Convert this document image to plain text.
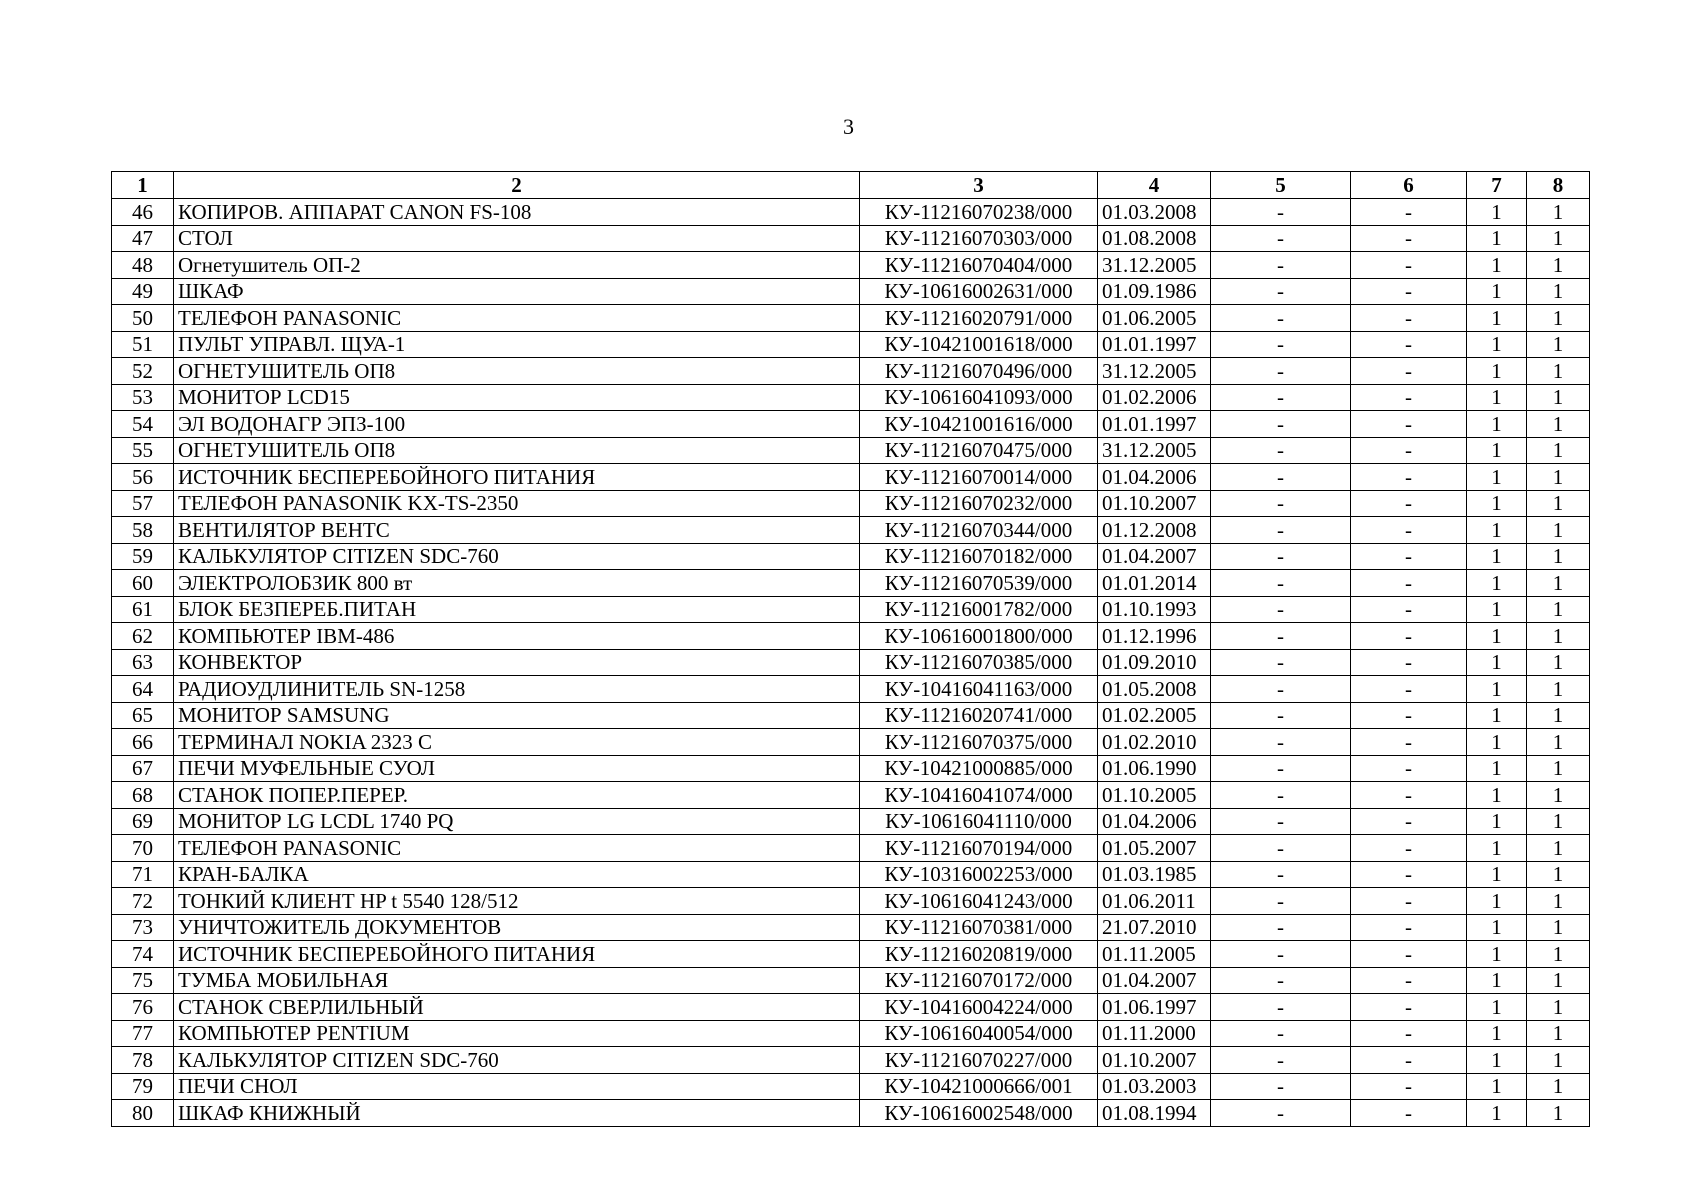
3
1	2	3	4	5	6	7	8
46	КОПИРОВ. АППАРАТ CANON FS-108	КУ-11216070238/000	01.03.2008	-	-	1	1
47	СТОЛ	КУ-11216070303/000	01.08.2008	-	-	1	1
48	Огнетушитель ОП-2	КУ-11216070404/000	31.12.2005	-	-	1	1
49	ШКАФ	КУ-10616002631/000	01.09.1986	-	-	1	1
50	ТЕЛЕФОН PANASONIC	КУ-11216020791/000	01.06.2005	-	-	1	1
51	ПУЛЬТ УПРАВЛ. ЩУА-1	КУ-10421001618/000	01.01.1997	-	-	1	1
52	ОГНЕТУШИТЕЛЬ ОП8	КУ-11216070496/000	31.12.2005	-	-	1	1
53	МОНИТОР LCD15	КУ-10616041093/000	01.02.2006	-	-	1	1
54	ЭЛ ВОДОНАГР ЭПЗ-100	КУ-10421001616/000	01.01.1997	-	-	1	1
55	ОГНЕТУШИТЕЛЬ ОП8	КУ-11216070475/000	31.12.2005	-	-	1	1
56	ИСТОЧНИК БЕСПЕРЕБОЙНОГО ПИТАНИЯ	КУ-11216070014/000	01.04.2006	-	-	1	1
57	ТЕЛЕФОН PANASONIK KX-TS-2350	КУ-11216070232/000	01.10.2007	-	-	1	1
58	ВЕНТИЛЯТОР ВЕНТС	КУ-11216070344/000	01.12.2008	-	-	1	1
59	КАЛЬКУЛЯТОР CITIZEN SDC-760	КУ-11216070182/000	01.04.2007	-	-	1	1
60	ЭЛЕКТРОЛОБЗИК 800 вт	КУ-11216070539/000	01.01.2014	-	-	1	1
61	БЛОК БЕЗПЕРЕБ.ПИТАН	КУ-11216001782/000	01.10.1993	-	-	1	1
62	КОМПЬЮТЕР IBM-486	КУ-10616001800/000	01.12.1996	-	-	1	1
63	КОНВЕКТОР	КУ-11216070385/000	01.09.2010	-	-	1	1
64	РАДИОУДЛИНИТЕЛЬ SN-1258	КУ-10416041163/000	01.05.2008	-	-	1	1
65	МОНИТОР SAMSUNG	КУ-11216020741/000	01.02.2005	-	-	1	1
66	ТЕРМИНАЛ NOKIA 2323 C	КУ-11216070375/000	01.02.2010	-	-	1	1
67	ПЕЧИ МУФЕЛЬНЫЕ СУОЛ	КУ-10421000885/000	01.06.1990	-	-	1	1
68	СТАНОК ПОПЕР.ПЕРЕР.	КУ-10416041074/000	01.10.2005	-	-	1	1
69	МОНИТОР LG LCDL 1740 PQ	КУ-10616041110/000	01.04.2006	-	-	1	1
70	ТЕЛЕФОН PANASONIC	КУ-11216070194/000	01.05.2007	-	-	1	1
71	КРАН-БАЛКА	КУ-10316002253/000	01.03.1985	-	-	1	1
72	ТОНКИЙ КЛИЕНТ HP t 5540 128/512	КУ-10616041243/000	01.06.2011	-	-	1	1
73	УНИЧТОЖИТЕЛЬ ДОКУМЕНТОВ	КУ-11216070381/000	21.07.2010	-	-	1	1
74	ИСТОЧНИК БЕСПЕРЕБОЙНОГО ПИТАНИЯ	КУ-11216020819/000	01.11.2005	-	-	1	1
75	ТУМБА МОБИЛЬНАЯ	КУ-11216070172/000	01.04.2007	-	-	1	1
76	СТАНОК СВЕРЛИЛЬНЫЙ	КУ-10416004224/000	01.06.1997	-	-	1	1
77	КОМПЬЮТЕР PENTIUM	КУ-10616040054/000	01.11.2000	-	-	1	1
78	КАЛЬКУЛЯТОР CITIZEN SDC-760	КУ-11216070227/000	01.10.2007	-	-	1	1
79	ПЕЧИ СНОЛ	КУ-10421000666/001	01.03.2003	-	-	1	1
80	ШКАФ КНИЖНЫЙ	КУ-10616002548/000	01.08.1994	-	-	1	1
